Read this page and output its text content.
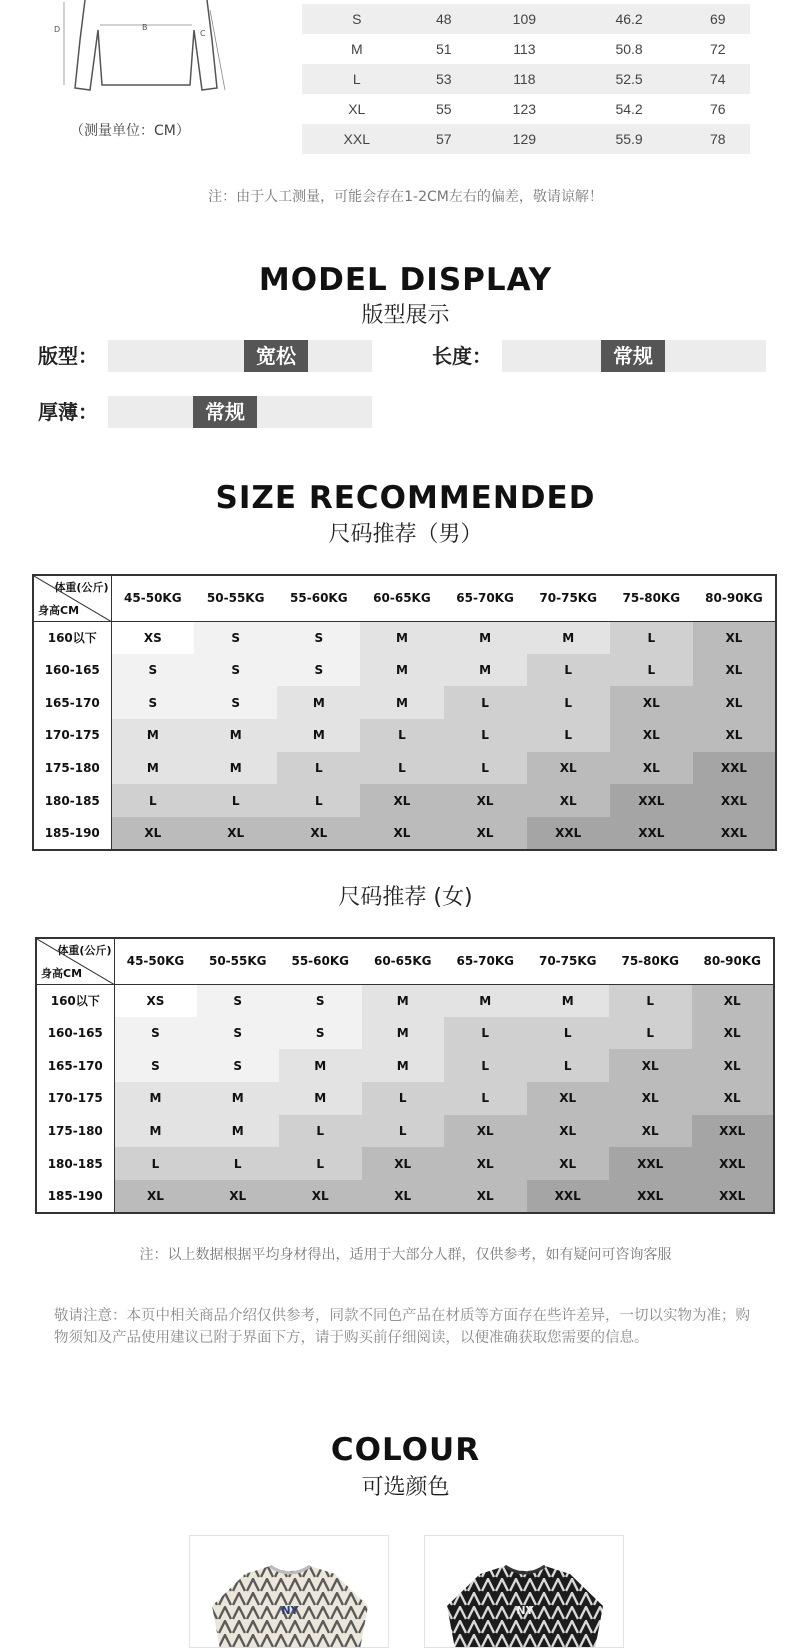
D	B
C
（测量单位：CM）
S	48	109	46.2	69
M	51	113	50.8	72
L	53	118	52.5	74
XL	55	123	54.2	76
XXL	57	129	55.9	78
注：由于人工测量，可能会存在1-2CM左右的偏差，敬请谅解！
MODEL DISPLAY
版型展示
版型：	宽松	长度：	常规
厚薄：	常规
SIZE RECOMMENDED
尺码推荐（男）
体重(公斤)
身高CM	45-50KG	50-55KG	55-60KG	60-65KG	65-70KG	70-75KG	75-80KG	80-90KG
160以下	XS	S	S	M	M	M	L	XL
160-165	S	S	S	M	M	L	L	XL
165-170	S	S	M	M	L	L	XL	XL
170-175	M	M	M	L	L	L	XL	XL
175-180	M	M	L	L	L	XL	XL	XXL
180-185	L	L	L	XL	XL	XL	XXL	XXL
185-190	XL	XL	XL	XL	XL	XXL	XXL	XXL
尺码推荐 (女)
体重(公斤)
身高CM	45-50KG	50-55KG	55-60KG	60-65KG	65-70KG	70-75KG	75-80KG	80-90KG
160以下	XS	S	S	M	M	M	L	XL
160-165	S	S	S	M	L	L	L	XL
165-170	S	S	M	M	L	L	XL	XL
170-175	M	M	M	L	L	XL	XL	XL
175-180	M	M	L	L	XL	XL	XL	XXL
180-185	L	L	L	XL	XL	XL	XXL	XXL
185-190	XL	XL	XL	XL	XL	XXL	XXL	XXL
注：以上数据根据平均身材得出，适用于大部分人群，仅供参考，如有疑问可咨询客服
敬请注意：本页中相关商品介绍仅供参考，同款不同色产品在材质等方面存在些许差异，一切以实物为准；购物须知及产品使用建议已附于界面下方，请于购买前仔细阅读，以便准确获取您需要的信息。
COLOUR
可选颜色
NY	NY
